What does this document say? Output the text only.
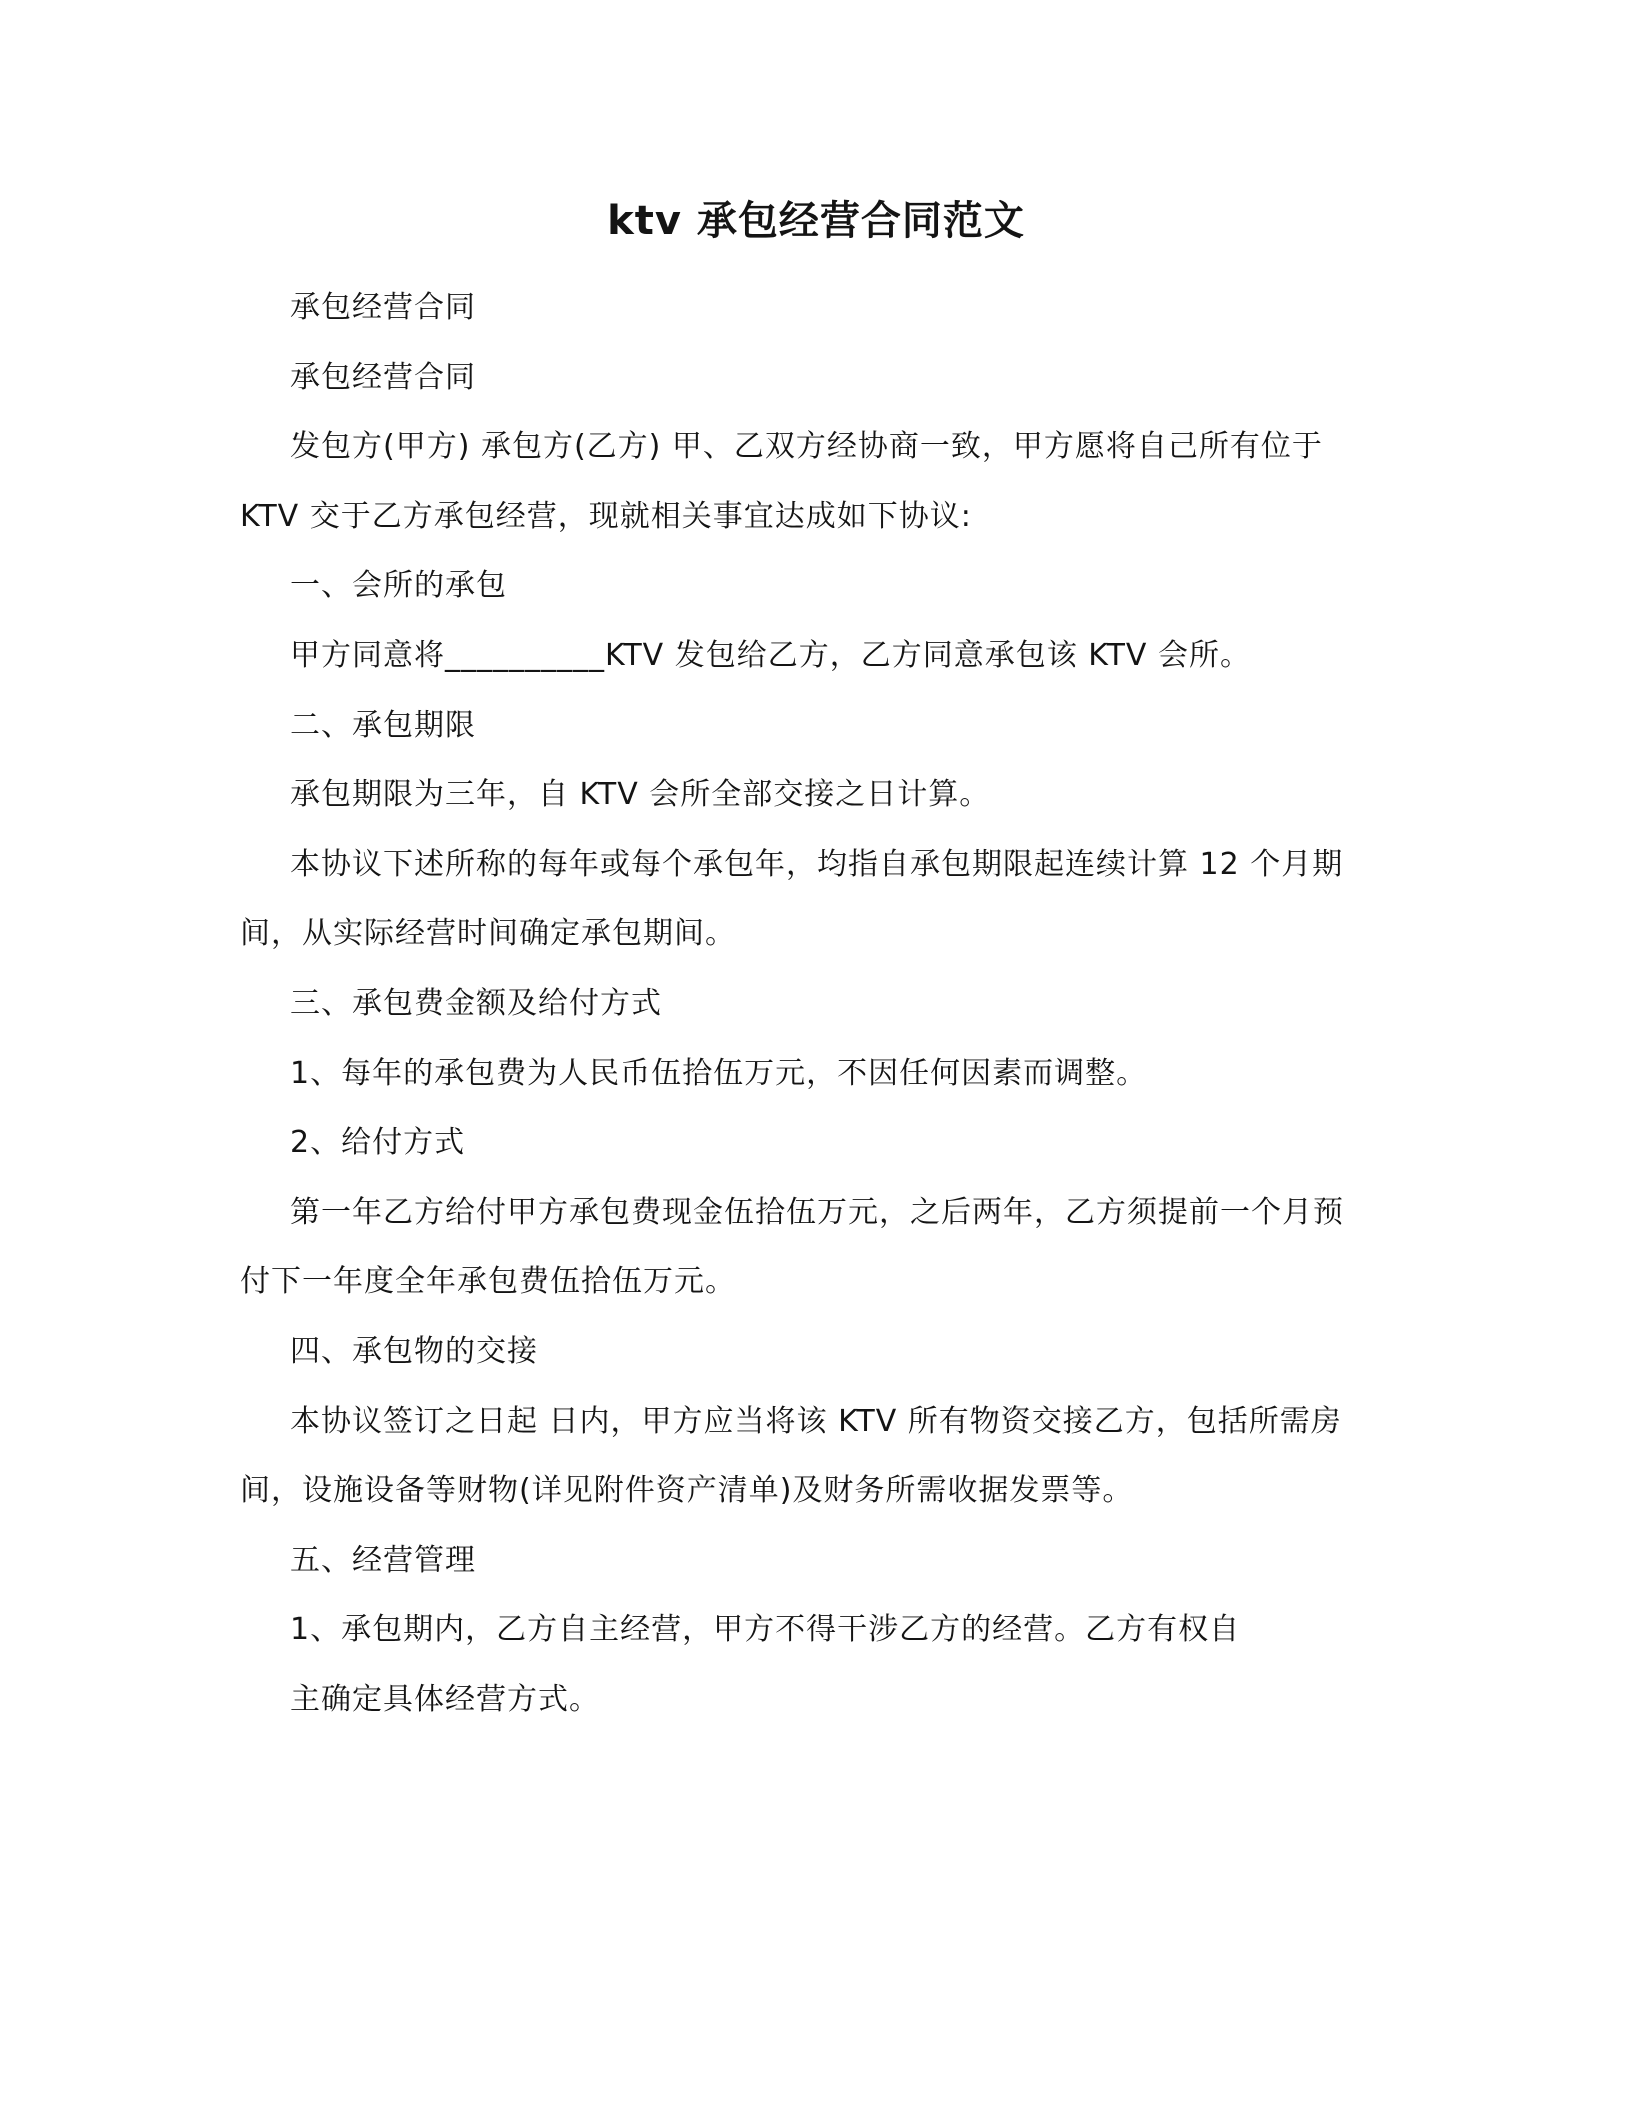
ktv 承包经营合同范文

承包经营合同

承包经营合同

发包方(甲方) 承包方(乙方) 甲、乙双方经协商一致，甲方愿将自己所有位于

KTV 交于乙方承包经营，现就相关事宜达成如下协议:

一、会所的承包

甲方同意将__________KTV 发包给乙方，乙方同意承包该 KTV 会所。

二、承包期限

承包期限为三年，自 KTV 会所全部交接之日计算。

本协议下述所称的每年或每个承包年，均指自承包期限起连续计算 12 个月期

间，从实际经营时间确定承包期间。

三、承包费金额及给付方式

1、每年的承包费为人民币伍拾伍万元，不因任何因素而调整。

2、给付方式

第一年乙方给付甲方承包费现金伍拾伍万元，之后两年，乙方须提前一个月预

付下一年度全年承包费伍拾伍万元。

四、承包物的交接

本协议签订之日起 日内，甲方应当将该 KTV 所有物资交接乙方，包括所需房

间，设施设备等财物(详见附件资产清单)及财务所需收据发票等。

五、经营管理

1、承包期内，乙方自主经营，甲方不得干涉乙方的经营。乙方有权自

主确定具体经营方式。
